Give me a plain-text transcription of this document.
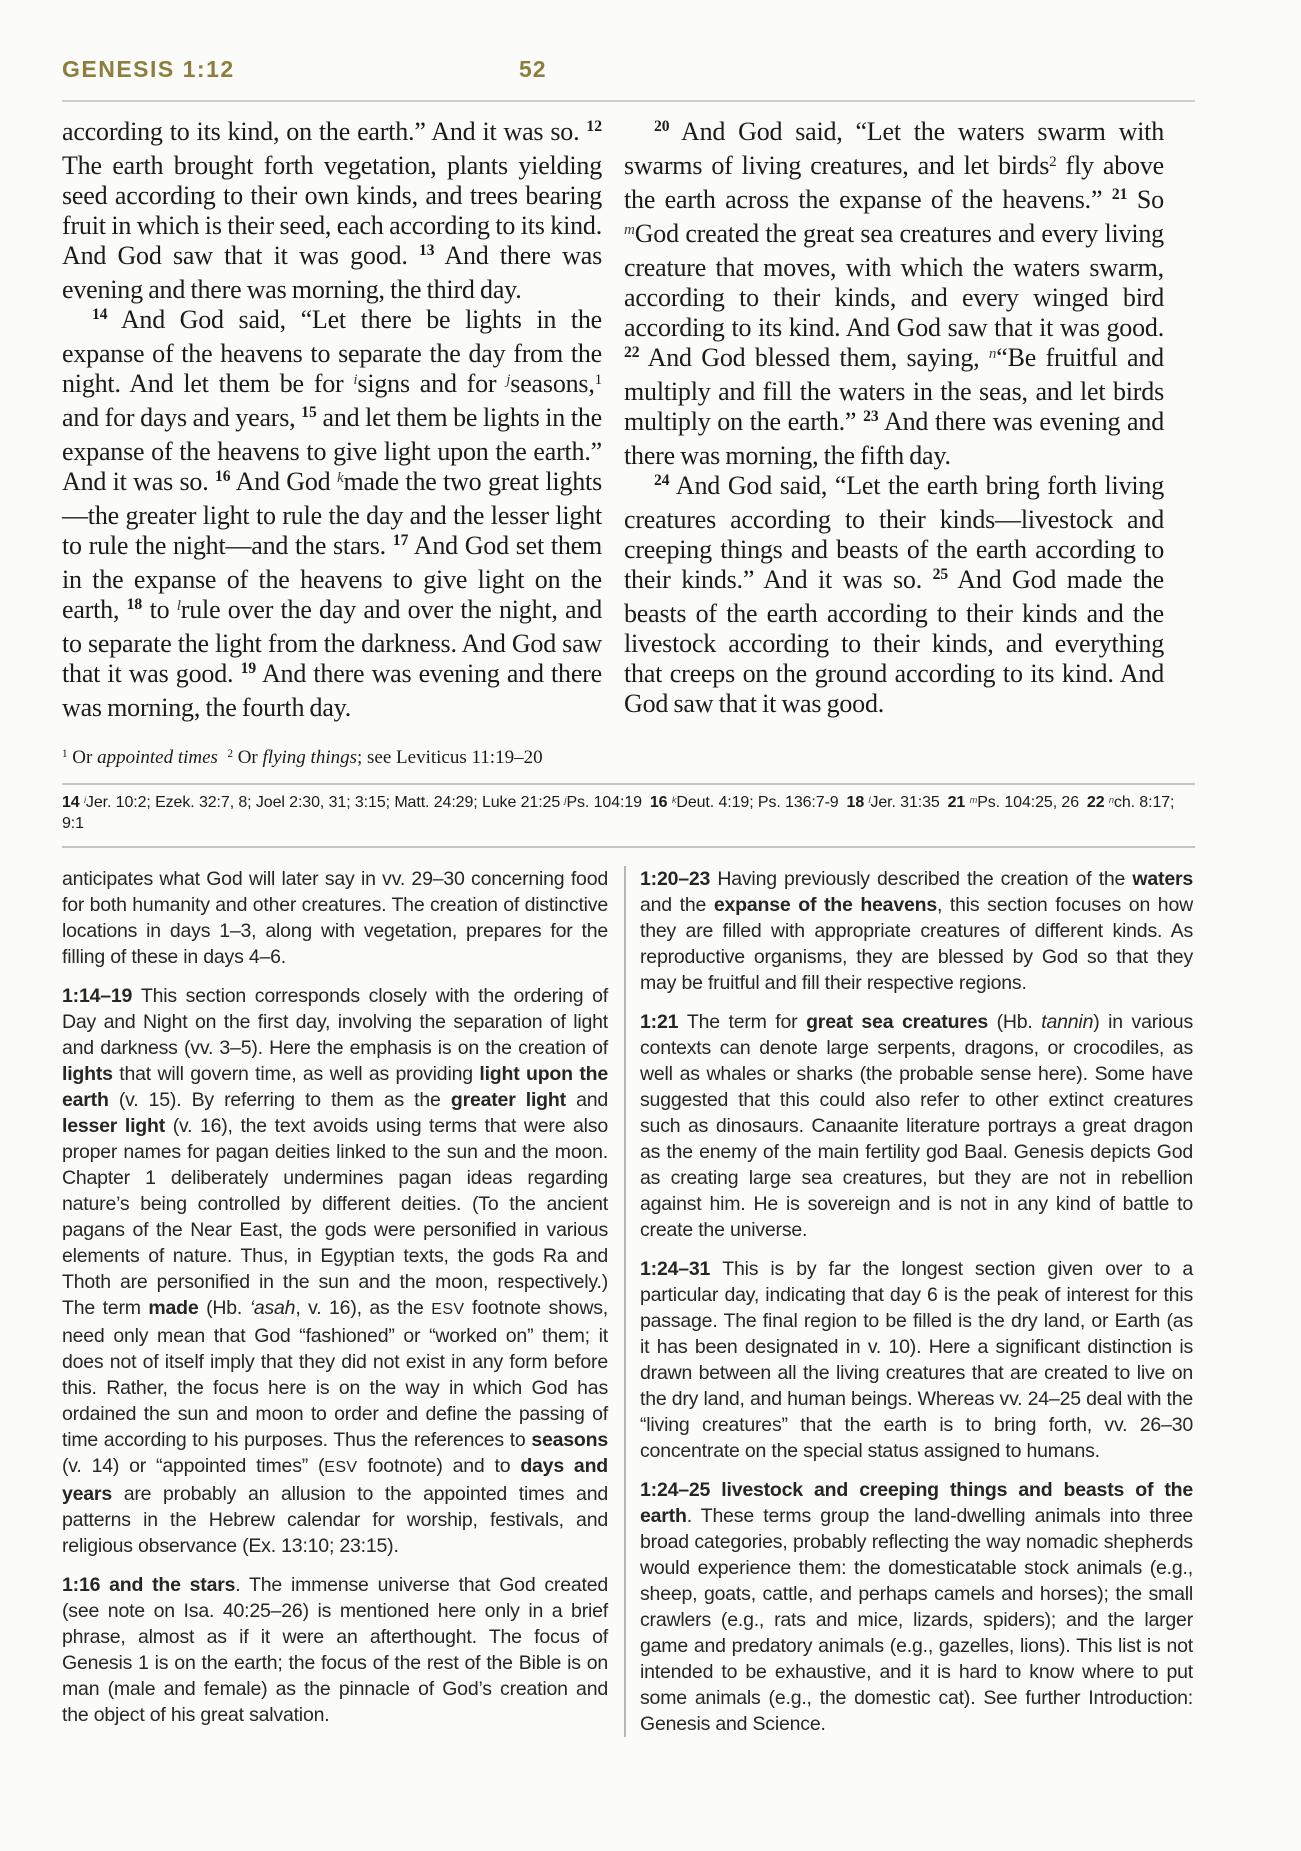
GENESIS 1:12	52

according to its kind, on the earth.” And it was so. $^{12}$ The earth brought forth vegetation, plants yielding seed according to their own kinds, and trees bearing fruit in which is their seed, each according to its kind. And God saw that it was good. $^{13}$ And there was evening and there was morning, the third day.

$^{14}$ And God said, “Let there be lights in the expanse of the heavens to separate the day from the night. And let them be for $^i$signs and for $^j$seasons,$^1$ and for days and years, $^{15}$ and let them be lights in the expanse of the heavens to give light upon the earth.” And it was so. $^{16}$ And God $^k$made the two great lights—the greater light to rule the day and the lesser light to rule the night—and the stars. $^{17}$ And God set them in the expanse of the heavens to give light on the earth, $^{18}$ to $^l$rule over the day and over the night, and to separate the light from the darkness. And God saw that it was good. $^{19}$ And there was evening and there was morning, the fourth day.

$^{20}$ And God said, “Let the waters swarm with swarms of living creatures, and let birds$^2$ fly above the earth across the expanse of the heavens.” $^{21}$ So $^m$God created the great sea creatures and every living creature that moves, with which the waters swarm, according to their kinds, and every winged bird according to its kind. And God saw that it was good. $^{22}$ And God blessed them, saying, $^n$“Be fruitful and multiply and fill the waters in the seas, and let birds multiply on the earth.” $^{23}$ And there was evening and there was morning, the fifth day.

$^{24}$ And God said, “Let the earth bring forth living creatures according to their kinds—livestock and creeping things and beasts of the earth according to their kinds.” And it was so. $^{25}$ And God made the beasts of the earth according to their kinds and the livestock according to their kinds, and everything that creeps on the ground according to its kind. And God saw that it was good.

$^1$ Or appointed times  $^2$ Or flying things; see Leviticus 11:19–20
14 $^i$Jer. 10:2; Ezek. 32:7, 8; Joel 2:30, 31; 3:15; Matt. 24:29; Luke 21:25 $^j$Ps. 104:19 16 $^k$Deut. 4:19; Ps. 136:7-9 18 $^l$Jer. 31:35 21 $^m$Ps. 104:25, 26 22 $^n$ch. 8:17; 9:1

anticipates what God will later say in vv. 29–30 concerning food for both humanity and other creatures. The creation of distinctive locations in days 1–3, along with vegetation, prepares for the filling of these in days 4–6.

1:14–19 This section corresponds closely with the ordering of Day and Night on the first day, involving the separation of light and darkness (vv. 3–5). Here the emphasis is on the creation of lights that will govern time, as well as providing light upon the earth (v. 15). By referring to them as the greater light and lesser light (v. 16), the text avoids using terms that were also proper names for pagan deities linked to the sun and the moon. Chapter 1 deliberately undermines pagan ideas regarding nature’s being controlled by different deities. (To the ancient pagans of the Near East, the gods were personified in various elements of nature. Thus, in Egyptian texts, the gods Ra and Thoth are personified in the sun and the moon, respectively.) The term made (Hb. ‘asah, v. 16), as the ESV footnote shows, need only mean that God “fashioned” or “worked on” them; it does not of itself imply that they did not exist in any form before this. Rather, the focus here is on the way in which God has ordained the sun and moon to order and define the passing of time according to his purposes. Thus the references to seasons (v. 14) or “appointed times” (ESV footnote) and to days and years are probably an allusion to the appointed times and patterns in the Hebrew calendar for worship, festivals, and religious observance (Ex. 13:10; 23:15).

1:16 and the stars. The immense universe that God created (see note on Isa. 40:25–26) is mentioned here only in a brief phrase, almost as if it were an afterthought. The focus of Genesis 1 is on the earth; the focus of the rest of the Bible is on man (male and female) as the pinnacle of God’s creation and the object of his great salvation.

1:20–23 Having previously described the creation of the waters and the expanse of the heavens, this section focuses on how they are filled with appropriate creatures of different kinds. As reproductive organisms, they are blessed by God so that they may be fruitful and fill their respective regions.

1:21 The term for great sea creatures (Hb. tannin) in various contexts can denote large serpents, dragons, or crocodiles, as well as whales or sharks (the probable sense here). Some have suggested that this could also refer to other extinct creatures such as dinosaurs. Canaanite literature portrays a great dragon as the enemy of the main fertility god Baal. Genesis depicts God as creating large sea creatures, but they are not in rebellion against him. He is sovereign and is not in any kind of battle to create the universe.

1:24–31 This is by far the longest section given over to a particular day, indicating that day 6 is the peak of interest for this passage. The final region to be filled is the dry land, or Earth (as it has been designated in v. 10). Here a significant distinction is drawn between all the living creatures that are created to live on the dry land, and human beings. Whereas vv. 24–25 deal with the “living creatures” that the earth is to bring forth, vv. 26–30 concentrate on the special status assigned to humans.

1:24–25 livestock and creeping things and beasts of the earth. These terms group the land-dwelling animals into three broad categories, probably reflecting the way nomadic shepherds would experience them: the domesticatable stock animals (e.g., sheep, goats, cattle, and perhaps camels and horses); the small crawlers (e.g., rats and mice, lizards, spiders); and the larger game and predatory animals (e.g., gazelles, lions). This list is not intended to be exhaustive, and it is hard to know where to put some animals (e.g., the domestic cat). See further Introduction: Genesis and Science.
